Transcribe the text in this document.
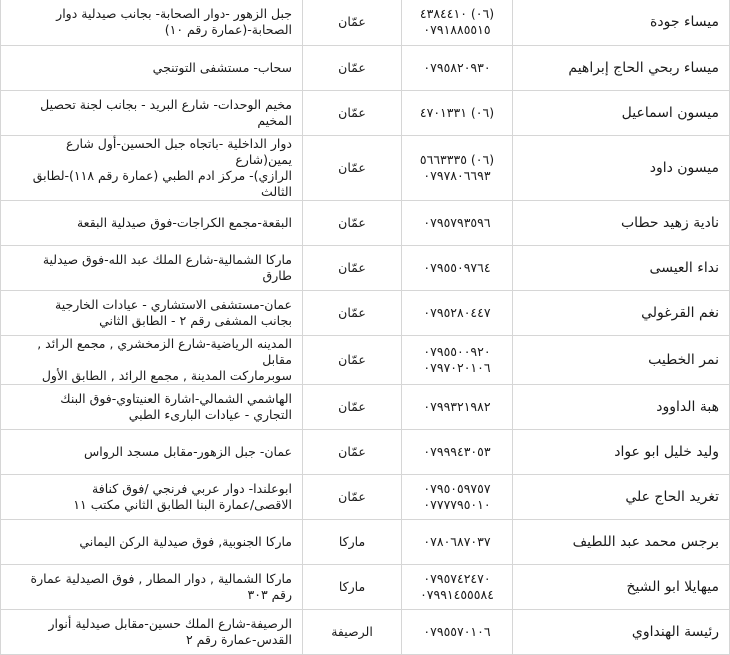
جبل الزهور -دوار الصحابة- بجانب صيدلية دوار
الصحابة-(عمارة رقم ١٠)	عمّان	(٠٦) ٤٣٨٤٤١٠
٠٧٩١٨٨٥٥١٥	ميساء جودة

سحاب- مستشفى التوتنجي	عمّان	٠٧٩٥٨٢٠٩٣٠	ميساء ربحي الحاج إبراهيم

مخيم الوحدات- شارع البريد - بجانب لجنة تحصيل
المخيم	عمّان	(٠٦) ٤٧٠١٣٣١	ميسون اسماعيل

دوار الداخلية -باتجاه جبل الحسين-أول شارع يمين(شارع
الرازي)- مركز ادم الطبي (عمارة رقم ١١٨)-لطابق الثالث	عمّان	(٠٦) ٥٦٦٣٣٣٥
٠٧٩٧٨٠٦٦٩٣	ميسون داود

البقعة-مجمع الكراجات-فوق صيدلية البقعة	عمّان	٠٧٩٥٧٩٣٥٩٦	نادية زهيد حطاب

ماركا الشمالية-شارع الملك عبد الله-فوق صيدلية
طارق	عمّان	٠٧٩٥٥٠٩٧٦٤	نداء العيسى

عمان-مستشفى الاستشاري - عيادات الخارجية
بجانب المشفى رقم ٢ - الطابق الثاني	عمّان	٠٧٩٥٢٨٠٤٤٧	نغم القرغولي

المدينه الرياضية-شارع الزمخشري , مجمع الرائد , مقابل
سوبرماركت المدينة , مجمع الرائد , الطابق الأول	عمّان	٠٧٩٥٥٠٠٩٢٠
٠٧٩٧٠٢٠١٠٦	نمر الخطيب

الهاشمي الشمالي-اشارة العنيتاوي-فوق البنك
التجاري - عيادات البارىء الطبي	عمّان	٠٧٩٩٣٢١٩٨٢	هبة الداوود

عمان- جبل الزهور-مقابل مسجد الرواس	عمّان	٠٧٩٩٩٤٣٠٥٣	وليد خليل ابو عواد

ابوعلندا- دوار عربي فرنجي /فوق كنافة
الاقصى/عمارة البنا الطابق الثاني مكتب ١١	عمّان	٠٧٩٥٠٥٩٧٥٧
٠٧٧٧٧٩٥٠١٠	تغريد الحاج علي

ماركا الجنوبية, فوق صيدلية الركن اليماني	ماركا	٠٧٨٠٦٨٧٠٣٧	برجس محمد عبد اللطيف

ماركا الشمالية , دوار المطار , فوق الصيدلية عمارة
رقم ٣٠٣	ماركا	٠٧٩٥٧٤٢٤٧٠
٠٧٩٩١٤٥٥٥٨٤	ميهايلا ابو الشيخ

الرصيفة-شارع الملك حسين-مقابل صيدلية أنوار
القدس-عمارة رقم ٢	الرصيفة	٠٧٩٥٥٧٠١٠٦	رئيسة الهنداوي
